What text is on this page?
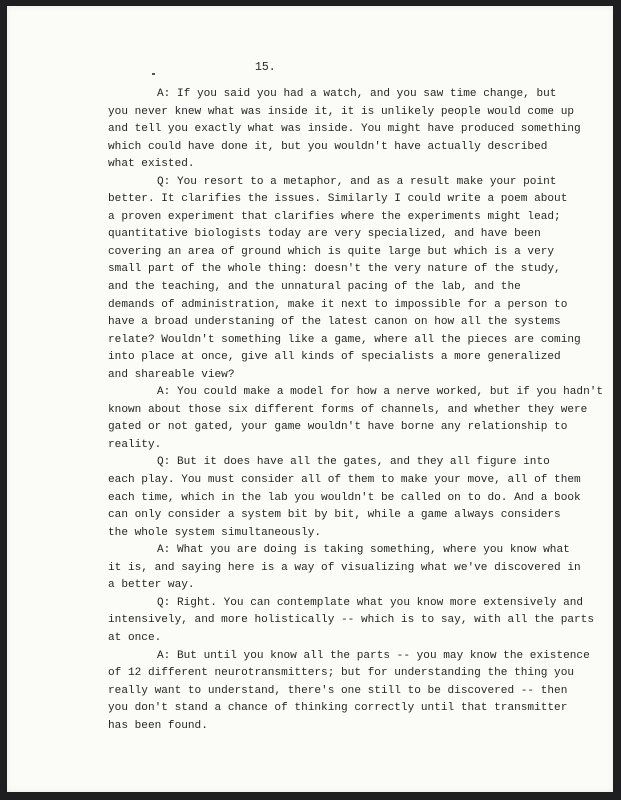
15.

A: If you said you had a watch, and you saw time change, but
you never knew what was inside it, it is unlikely people would come up
and tell you exactly what was inside. You might have produced something
which could have done it, but you wouldn't have actually described
what existed.
Q: You resort to a metaphor, and as a result make your point
better. It clarifies the issues. Similarly I could write a poem about
a proven experiment that clarifies where the experiments might lead;
quantitative biologists today are very specialized, and have been
covering an area of ground which is quite large but which is a very
small part of the whole thing: doesn't the very nature of the study,
and the teaching, and the unnatural pacing of the lab, and the
demands of administration, make it next to impossible for a person to
have a broad understaning of the latest canon on how all the systems
relate? Wouldn't something like a game, where all the pieces are coming
into place at once, give all kinds of specialists a more generalized
and shareable view?
A: You could make a model for how a nerve worked, but if you hadn't
known about those six different forms of channels, and whether they were
gated or not gated, your game wouldn't have borne any relationship to
reality.
Q: But it does have all the gates, and they all figure into
each play. You must consider all of them to make your move, all of them
each time, which in the lab you wouldn't be called on to do. And a book
can only consider a system bit by bit, while a game always considers
the whole system simultaneously.
A: What you are doing is taking something, where you know what
it is, and saying here is a way of visualizing what we've discovered in
a better way.
Q: Right. You can contemplate what you know more extensively and
intensively, and more holistically -- which is to say, with all the parts
at once.
A: But until you know all the parts -- you may know the existence
of 12 different neurotransmitters; but for understanding the thing you
really want to understand, there's one still to be discovered -- then
you don't stand a chance of thinking correctly until that transmitter
has been found.
